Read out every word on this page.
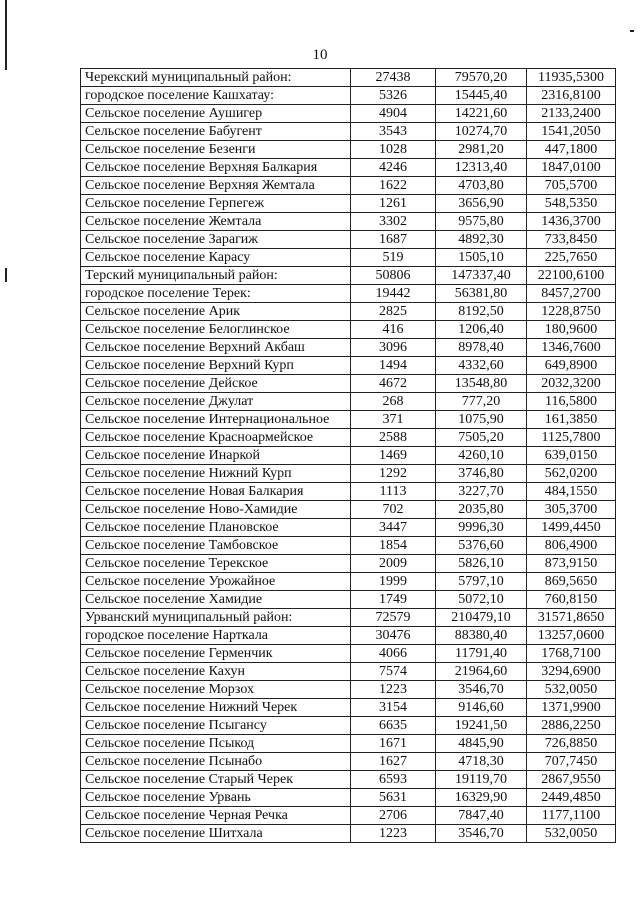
10
Черекский муниципальный район:	27438	79570,20	11935,5300
городское поселение Кашхатау:	5326	15445,40	2316,8100
Сельское поселение Аушигер	4904	14221,60	2133,2400
Сельское поселение Бабугент	3543	10274,70	1541,2050
Сельское поселение Безенги	1028	2981,20	447,1800
Сельское поселение Верхняя Балкария	4246	12313,40	1847,0100
Сельское поселение Верхняя Жемтала	1622	4703,80	705,5700
Сельское поселение Герпегеж	1261	3656,90	548,5350
Сельское поселение Жемтала	3302	9575,80	1436,3700
Сельское поселение Зарагиж	1687	4892,30	733,8450
Сельское поселение Карасу	519	1505,10	225,7650
Терский муниципальный район:	50806	147337,40	22100,6100
городское поселение Терек:	19442	56381,80	8457,2700
Сельское поселение Арик	2825	8192,50	1228,8750
Сельское поселение Белоглинское	416	1206,40	180,9600
Сельское поселение Верхний Акбаш	3096	8978,40	1346,7600
Сельское поселение Верхний Курп	1494	4332,60	649,8900
Сельское поселение Дейское	4672	13548,80	2032,3200
Сельское поселение Джулат	268	777,20	116,5800
Сельское поселение Интернациональное	371	1075,90	161,3850
Сельское поселение Красноармейское	2588	7505,20	1125,7800
Сельское поселение Инаркой	1469	4260,10	639,0150
Сельское поселение Нижний Курп	1292	3746,80	562,0200
Сельское поселение Новая Балкария	1113	3227,70	484,1550
Сельское поселение Ново-Хамидие	702	2035,80	305,3700
Сельское поселение Плановское	3447	9996,30	1499,4450
Сельское поселение Тамбовское	1854	5376,60	806,4900
Сельское поселение Терекское	2009	5826,10	873,9150
Сельское поселение Урожайное	1999	5797,10	869,5650
Сельское поселение Хамидие	1749	5072,10	760,8150
Урванский муниципальный район:	72579	210479,10	31571,8650
городское поселение Нарткала	30476	88380,40	13257,0600
Сельское поселение Герменчик	4066	11791,40	1768,7100
Сельское поселение Кахун	7574	21964,60	3294,6900
Сельское поселение Морзох	1223	3546,70	532,0050
Сельское поселение Нижний Черек	3154	9146,60	1371,9900
Сельское поселение Псыгансу	6635	19241,50	2886,2250
Сельское поселение Псыкод	1671	4845,90	726,8850
Сельское поселение Псынабо	1627	4718,30	707,7450
Сельское поселение Старый Черек	6593	19119,70	2867,9550
Сельское поселение Урвань	5631	16329,90	2449,4850
Сельское поселение Черная Речка	2706	7847,40	1177,1100
Сельское поселение Шитхала	1223	3546,70	532,0050
